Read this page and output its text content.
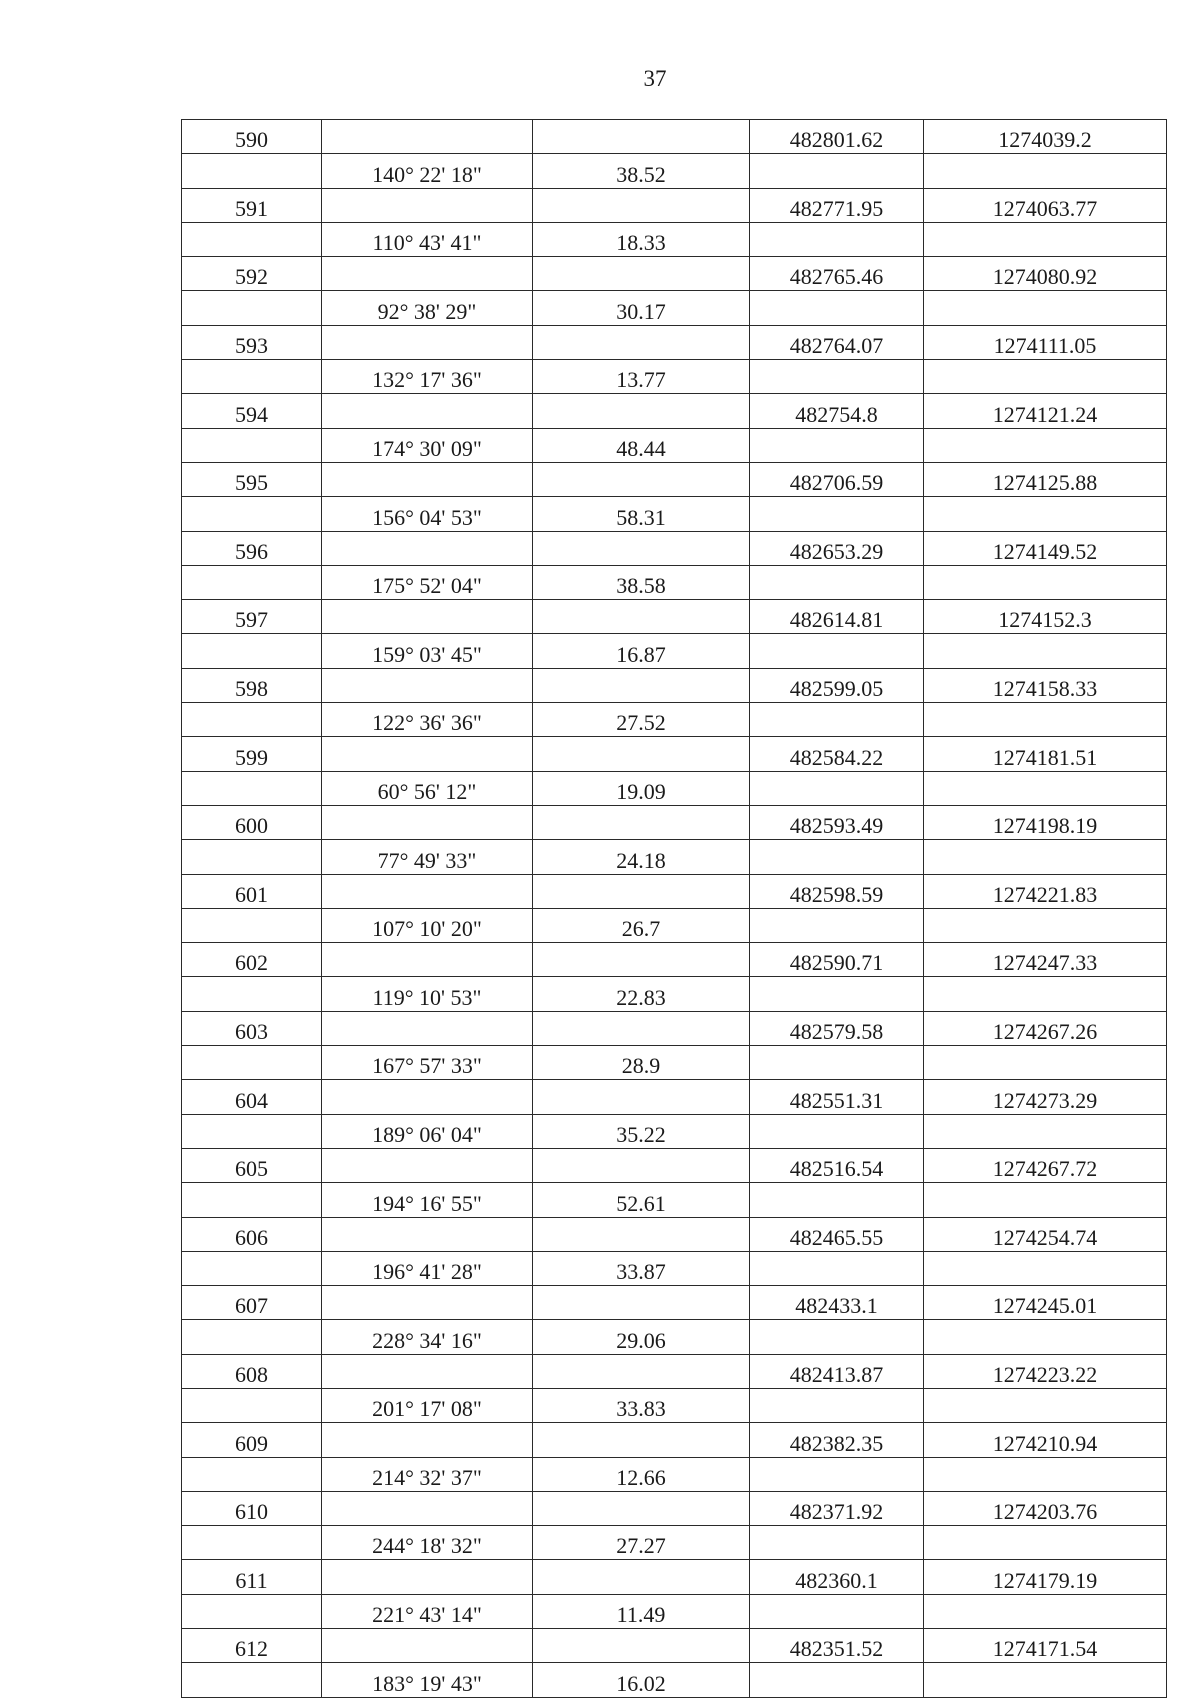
37
590			482801.62	1274039.2
	140° 22' 18"	38.52		
591			482771.95	1274063.77
	110° 43' 41"	18.33		
592			482765.46	1274080.92
	92° 38' 29"	30.17		
593			482764.07	1274111.05
	132° 17' 36"	13.77		
594			482754.8	1274121.24
	174° 30' 09"	48.44		
595			482706.59	1274125.88
	156° 04' 53"	58.31		
596			482653.29	1274149.52
	175° 52' 04"	38.58		
597			482614.81	1274152.3
	159° 03' 45"	16.87		
598			482599.05	1274158.33
	122° 36' 36"	27.52		
599			482584.22	1274181.51
	60° 56' 12"	19.09		
600			482593.49	1274198.19
	77° 49' 33"	24.18		
601			482598.59	1274221.83
	107° 10' 20"	26.7		
602			482590.71	1274247.33
	119° 10' 53"	22.83		
603			482579.58	1274267.26
	167° 57' 33"	28.9		
604			482551.31	1274273.29
	189° 06' 04"	35.22		
605			482516.54	1274267.72
	194° 16' 55"	52.61		
606			482465.55	1274254.74
	196° 41' 28"	33.87		
607			482433.1	1274245.01
	228° 34' 16"	29.06		
608			482413.87	1274223.22
	201° 17' 08"	33.83		
609			482382.35	1274210.94
	214° 32' 37"	12.66		
610			482371.92	1274203.76
	244° 18' 32"	27.27		
611			482360.1	1274179.19
	221° 43' 14"	11.49		
612			482351.52	1274171.54
	183° 19' 43"	16.02		
